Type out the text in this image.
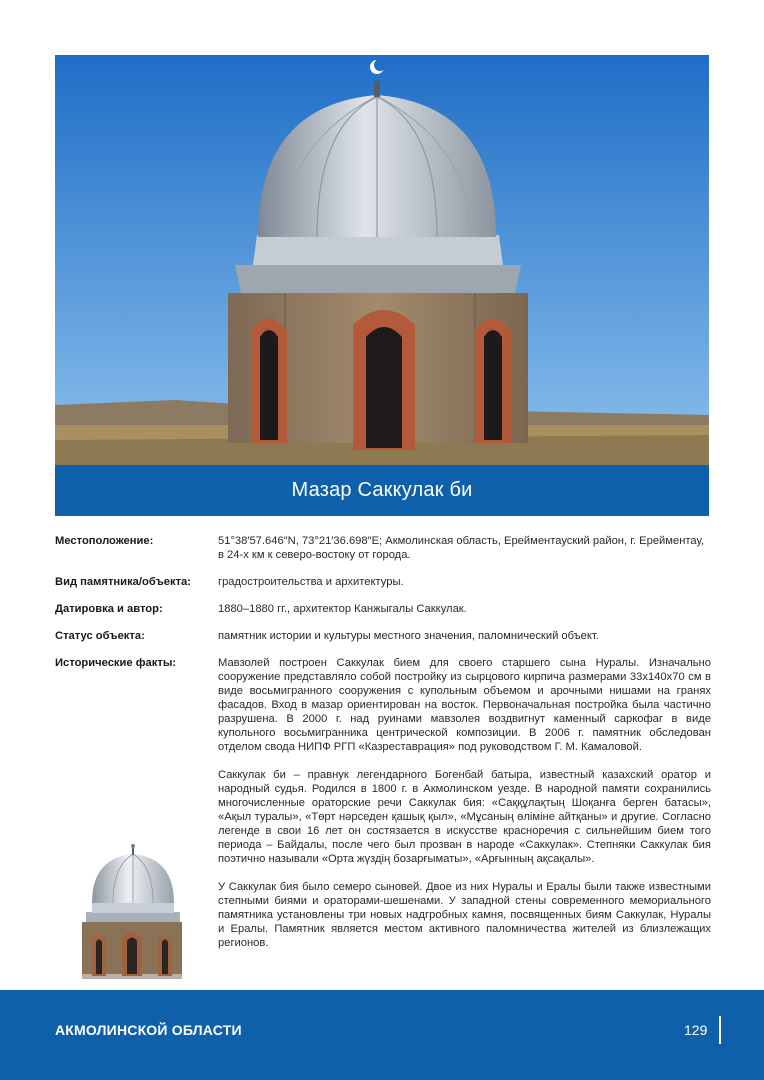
Мазар Саккулак би
Местоположение:	51°38′57.646″N, 73°21′36.698″E; Акмолинская область, Ерейментауский район, г. Ерейментау, в 24-х км к северо-востоку от города.
Вид памятника/объекта:	градостроительства и архитектуры.
Датировка и автор:	1880–1880 гг., архитектор Канжыгалы Саккулак.
Статус объекта:	памятник истории и культуры местного значения, паломнический объект.
Исторические факты:	Мавзолей построен Саккулак бием для своего старшего сына Нуралы. Изначально сооружение представляло собой постройку из сырцового кирпича размерами 33х140х70 см в виде восьмигранного сооружения с купольным объемом и арочными нишами на гранях фасадов. Вход в мазар ориентирован на восток. Первоначальная постройка была частично разрушена. В 2000 г. над руинами мавзолея воздвигнут каменный саркофаг в виде купольного восьмигранника центрической композиции. В 2006 г. памятник обследован отделом свода НИПФ РГП «Казреставрация» под руководством Г. М. Камаловой.

Саккулак би – правнук легендарного Богенбай батыра, известный казахский оратор и народный судья. Родился в 1800 г. в Акмолинском уезде. В народной памяти сохранились многочисленные ораторские речи Саккулак бия: «Саққұлақтың Шоқанға берген батасы», «Ақыл туралы», «Төрт нәрседен қашық қыл», «Мұсаның өліміне айтқаны» и другие. Согласно легенде в свои 16 лет он состязается в искусстве красноречия с сильнейшим бием того периода – Байдалы, после чего был прозван в народе «Саккулак». Степняки Саккулак бия поэтично называли «Орта жүздің бозарғыматы», «Арғынның ақсақалы».

У Саккулак бия было семеро сыновей. Двое из них Нуралы и Ералы были также известными степными биями и ораторами-шешенами. У западной стены современного мемориального памятника установлены три новых надгробных камня, посвященных биям Саккулак, Нуралы и Ералы. Памятник является местом активного паломничества жителей из близлежащих регионов.

АКМОЛИНСКОЙ ОБЛАСТИ	129
